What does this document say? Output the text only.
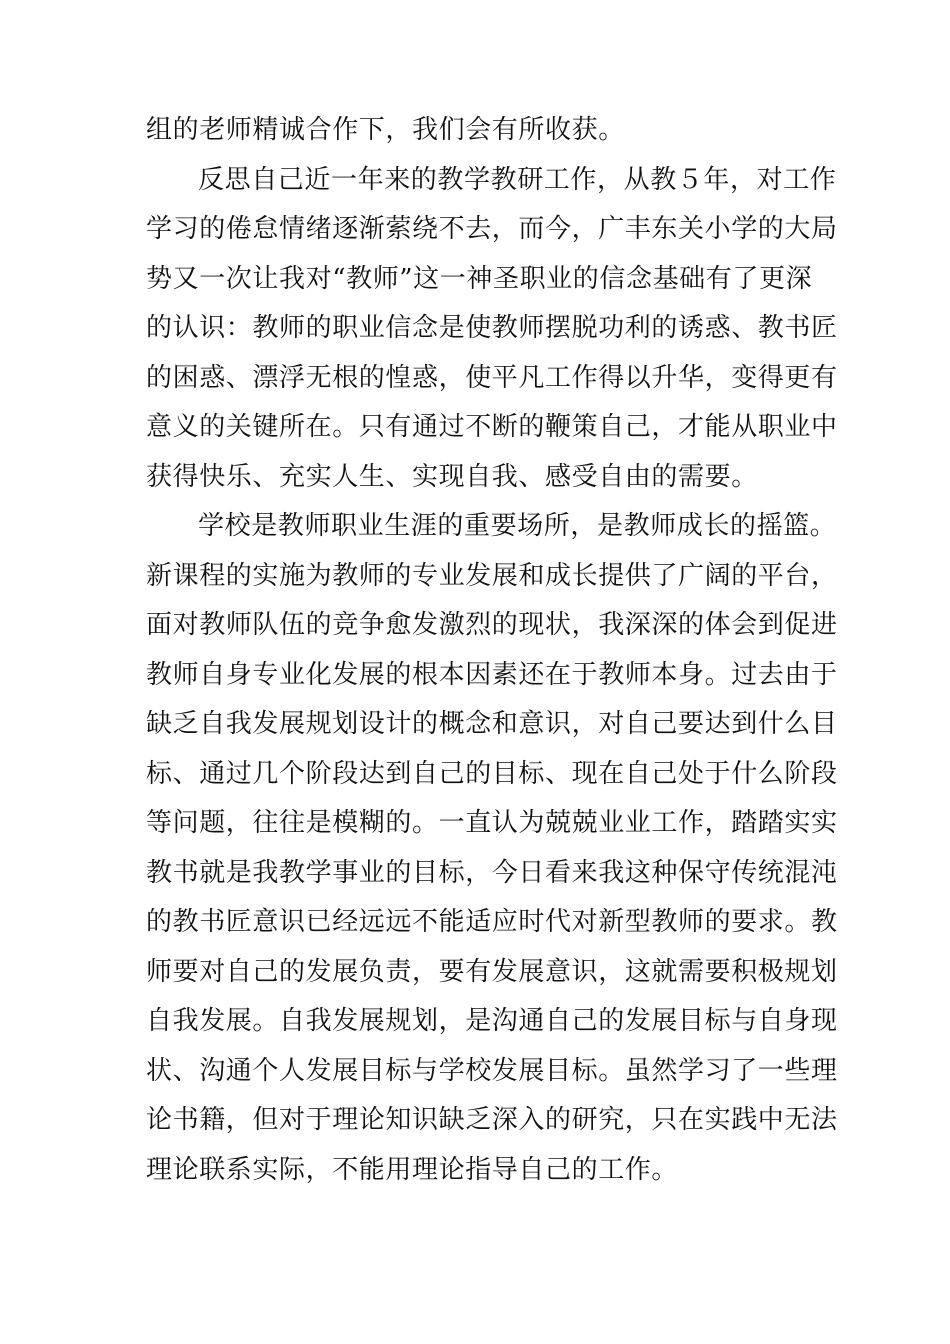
组的老师精诚合作下，我们会有所收获。
反思自己近一年来的教学教研工作，从教５年，对工作
学习的倦怠情绪逐渐萦绕不去，而今，广丰东关小学的大局
势又一次让我对“教师”这一神圣职业的信念基础有了更深
的认识：教师的职业信念是使教师摆脱功利的诱惑、教书匠
的困惑、漂浮无根的惶惑，使平凡工作得以升华，变得更有
意义的关键所在。只有通过不断的鞭策自己，才能从职业中
获得快乐、充实人生、实现自我、感受自由的需要。
学校是教师职业生涯的重要场所，是教师成长的摇篮。
新课程的实施为教师的专业发展和成长提供了广阔的平台，
面对教师队伍的竞争愈发激烈的现状，我深深的体会到促进
教师自身专业化发展的根本因素还在于教师本身。过去由于
缺乏自我发展规划设计的概念和意识，对自己要达到什么目
标、通过几个阶段达到自己的目标、现在自己处于什么阶段
等问题，往往是模糊的。一直认为兢兢业业工作，踏踏实实
教书就是我教学事业的目标，今日看来我这种保守传统混沌
的教书匠意识已经远远不能适应时代对新型教师的要求。教
师要对自己的发展负责，要有发展意识，这就需要积极规划
自我发展。自我发展规划，是沟通自己的发展目标与自身现
状、沟通个人发展目标与学校发展目标。虽然学习了一些理
论书籍，但对于理论知识缺乏深入的研究，只在实践中无法
理论联系实际，不能用理论指导自己的工作。
